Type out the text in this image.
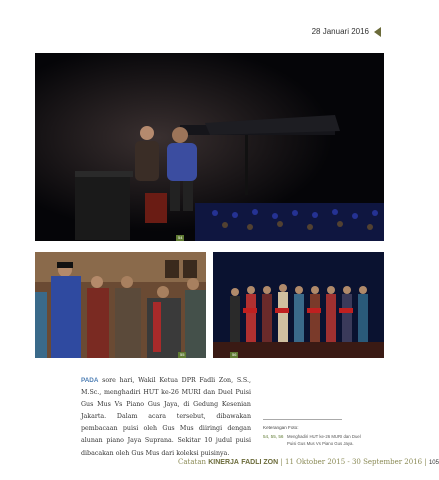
28 Januari 2016
54
55	56
PADA sore hari, Wakil Ketua DPR Fadli Zon, S.S., M.Sc., menghadiri HUT ke-26 MURI dan Duel Puisi Gus Mus Vs Piano Gus Jaya, di Gedung Kesenian Jakarta. Dalam acara tersebut, dibawakan pembacaan puisi oleh Gus Mus diiringi dengan alunan piano Jaya Suprana. Sekitar 10 judul puisi dibacakan oleh Gus Mus dari koleksi puisinya.
Keterangan Foto:
54, 55, 56 Menghadiri HUT ke-26 MURI dan Duel Puisi Gus Mus Vs Piano Gus Jaya.
Catatan KINERJA FADLI ZON | 11 Oktober 2015 - 30 September 2016 | 105
